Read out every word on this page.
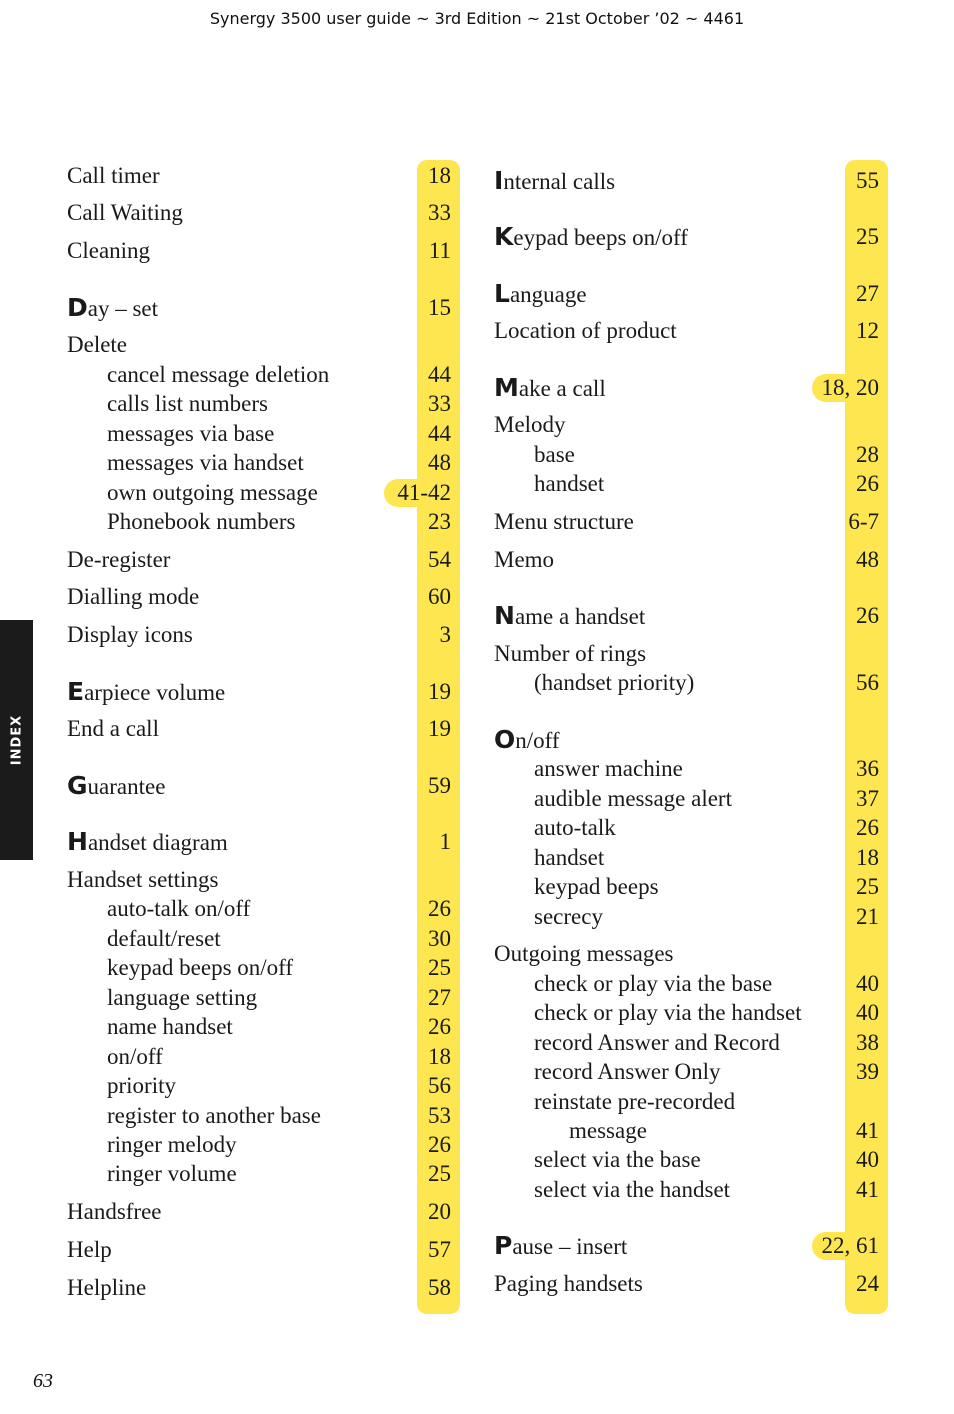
Synergy 3500 user guide ~ 3rd Edition ~ 21st October ’02 ~ 4461
INDEX
Call timer	18
Call Waiting	33
Cleaning	11
Day – set	15
Delete
cancel message deletion	44
calls list numbers	33
messages via base	44
messages via handset	48
own outgoing message	41-42
Phonebook numbers	23
De-register	54
Dialling mode	60
Display icons	3
Earpiece volume	19
End a call	19
Guarantee	59
Handset diagram	1
Handset settings
auto-talk on/off	26
default/reset	30
keypad beeps on/off	25
language setting	27
name handset	26
on/off	18
priority	56
register to another base	53
ringer melody	26
ringer volume	25
Handsfree	20
Help	57
Helpline	58
Internal calls	55
Keypad beeps on/off	25
Language	27
Location of product	12
Make a call	18, 20
Melody
base	28
handset	26
Menu structure	6-7
Memo	48
Name a handset	26
Number of rings
(handset priority)	56
On/off
answer machine	36
audible message alert	37
auto-talk	26
handset	18
keypad beeps	25
secrecy	21
Outgoing messages
check or play via the base	40
check or play via the handset 40
record Answer and Record	38
record Answer Only	39
reinstate pre-recorded
message	41
select via the base	40
select via the handset	41
Pause – insert	22, 61
Paging handsets	24
63
